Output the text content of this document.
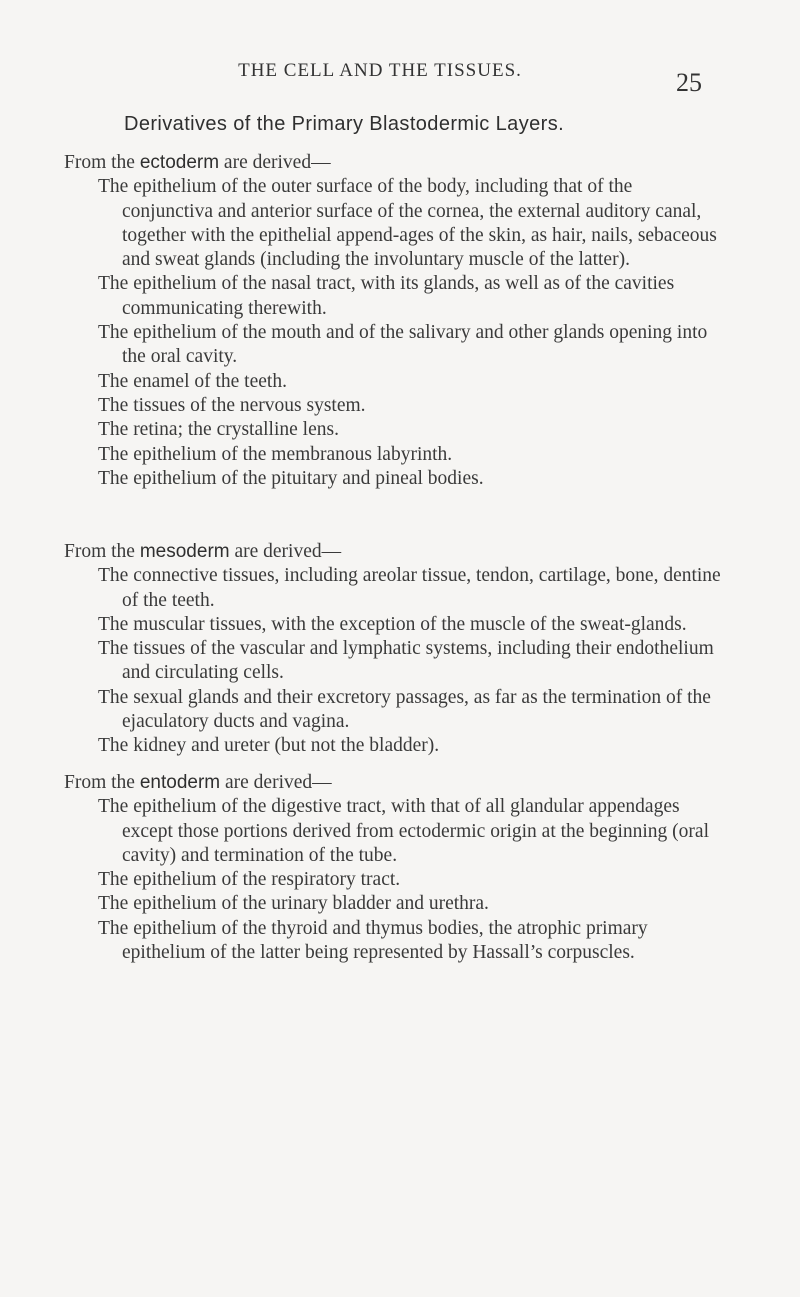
THE CELL AND THE TISSUES.	25
Derivatives of the Primary Blastodermic Layers.
From the ectoderm are derived—
The epithelium of the outer surface of the body, including that of the conjunctiva and anterior surface of the cornea, the external auditory canal, together with the epithelial append-ages of the skin, as hair, nails, sebaceous and sweat glands (including the involuntary muscle of the latter).
The epithelium of the nasal tract, with its glands, as well as of the cavities communicating therewith.
The epithelium of the mouth and of the salivary and other glands opening into the oral cavity.
The enamel of the teeth.
The tissues of the nervous system.
The retina; the crystalline lens.
The epithelium of the membranous labyrinth.
The epithelium of the pituitary and pineal bodies.
From the mesoderm are derived—
The connective tissues, including areolar tissue, tendon, cartilage, bone, dentine of the teeth.
The muscular tissues, with the exception of the muscle of the sweat-glands.
The tissues of the vascular and lymphatic systems, including their endothelium and circulating cells.
The sexual glands and their excretory passages, as far as the termination of the ejaculatory ducts and vagina.
The kidney and ureter (but not the bladder).
From the entoderm are derived—
The epithelium of the digestive tract, with that of all glandular appendages except those portions derived from ectodermic origin at the beginning (oral cavity) and termination of the tube.
The epithelium of the respiratory tract.
The epithelium of the urinary bladder and urethra.
The epithelium of the thyroid and thymus bodies, the atrophic primary epithelium of the latter being represented by Hassall’s corpuscles.
